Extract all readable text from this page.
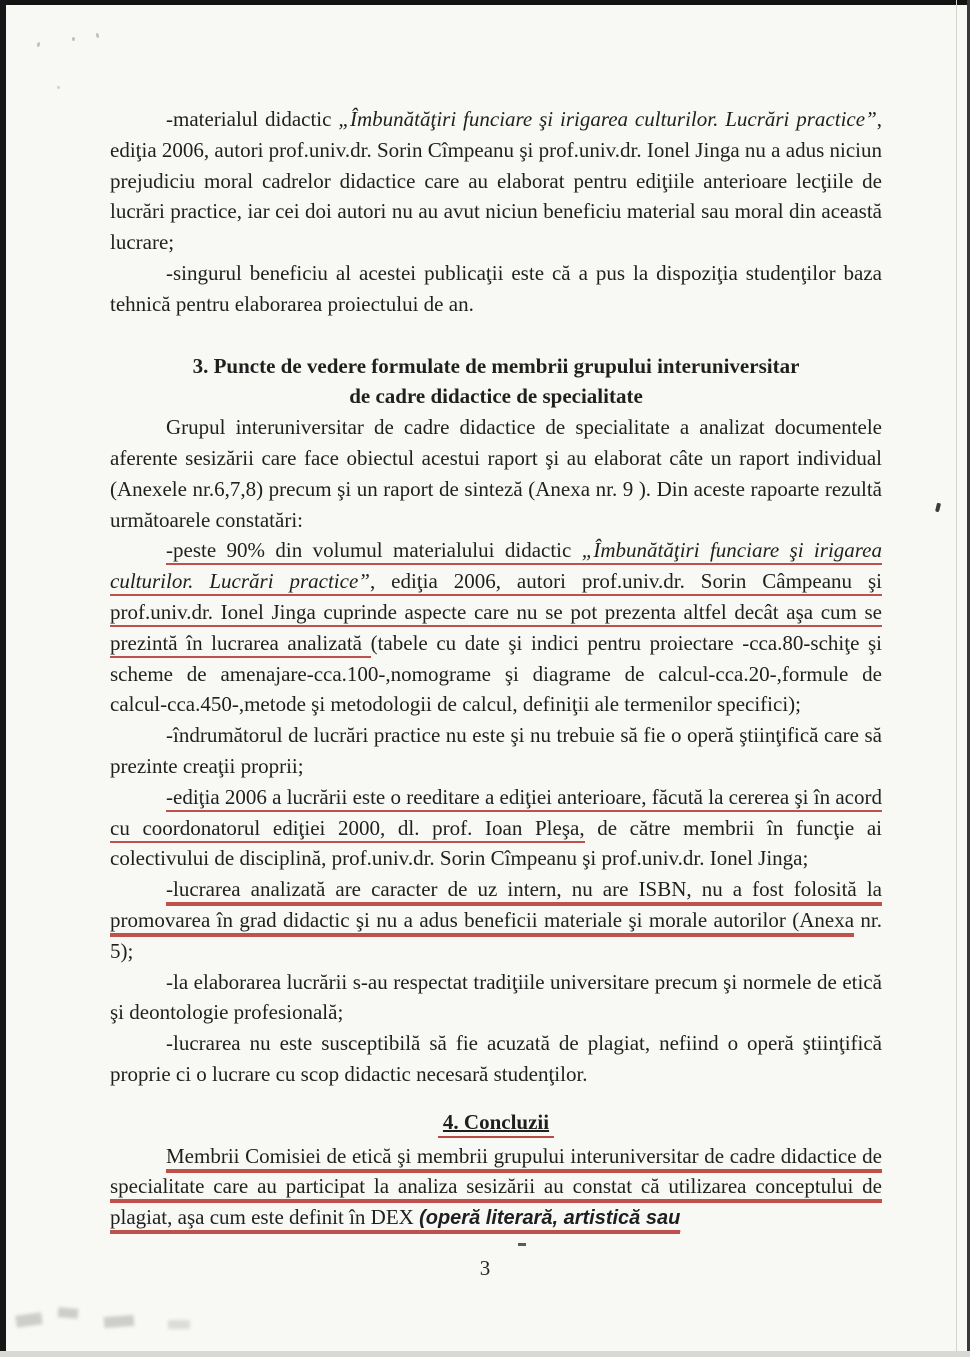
-materialul didactic „Îmbunătăţiri funciare şi irigarea culturilor. Lucrări practice”, ediţia 2006, autori prof.univ.dr. Sorin Cîmpeanu şi prof.univ.dr. Ionel Jinga nu a adus niciun prejudiciu moral cadrelor didactice care au elaborat pentru ediţiile anterioare lecţiile de lucrări practice, iar cei doi autori nu au avut niciun beneficiu material sau moral din această lucrare;

-singurul beneficiu al acestei publicaţii este că a pus la dispoziţia studenţilor baza tehnică pentru elaborarea proiectului de an.

3. Puncte de vedere formulate de membrii grupului interuniversitar
de cadre didactice de specialitate

Grupul interuniversitar de cadre didactice de specialitate a analizat documentele aferente sesizării care face obiectul acestui raport şi au elaborat câte un raport individual (Anexele nr.6,7,8) precum şi un raport de sinteză (Anexa nr. 9 ). Din aceste rapoarte rezultă următoarele constatări:

-peste 90% din volumul materialului didactic „Îmbunătăţiri funciare şi irigarea culturilor. Lucrări practice”, ediţia 2006, autori prof.univ.dr. Sorin Câmpeanu şi prof.univ.dr. Ionel Jinga cuprinde aspecte care nu se pot prezenta altfel decât aşa cum se prezintă în lucrarea analizată (tabele cu date şi indici pentru proiectare -cca.80-schiţe şi scheme de amenajare-cca.100-,nomograme şi diagrame de calcul-cca.20-,formule de calcul-cca.450-,metode şi metodologii de calcul, definiţii ale termenilor specifici);

-îndrumătorul de lucrări practice nu este şi nu trebuie să fie o operă ştiinţifică care să prezinte creaţii proprii;

-ediţia 2006 a lucrării este o reeditare a ediţiei anterioare, făcută la cererea şi în acord cu coordonatorul ediţiei 2000, dl. prof. Ioan Pleşa, de către membrii în funcţie ai colectivului de disciplină, prof.univ.dr. Sorin Cîmpeanu şi prof.univ.dr. Ionel Jinga;

-lucrarea analizată are caracter de uz intern, nu are ISBN, nu a fost folosită la promovarea în grad didactic şi nu a adus beneficii materiale şi morale autorilor (Anexa nr. 5);

-la elaborarea lucrării s-au respectat tradiţiile universitare precum şi normele de etică şi deontologie profesională;

-lucrarea nu este susceptibilă să fie acuzată de plagiat, nefiind o operă ştiinţifică proprie ci o lucrare cu scop didactic necesară studenţilor.

4. Concluzii

Membrii Comisiei de etică şi membrii grupului interuniversitar de cadre didactice de specialitate care au participat la analiza sesizării au constat că utilizarea conceptului de plagiat, aşa cum este definit în DEX (operă literară, artistică sau

3
